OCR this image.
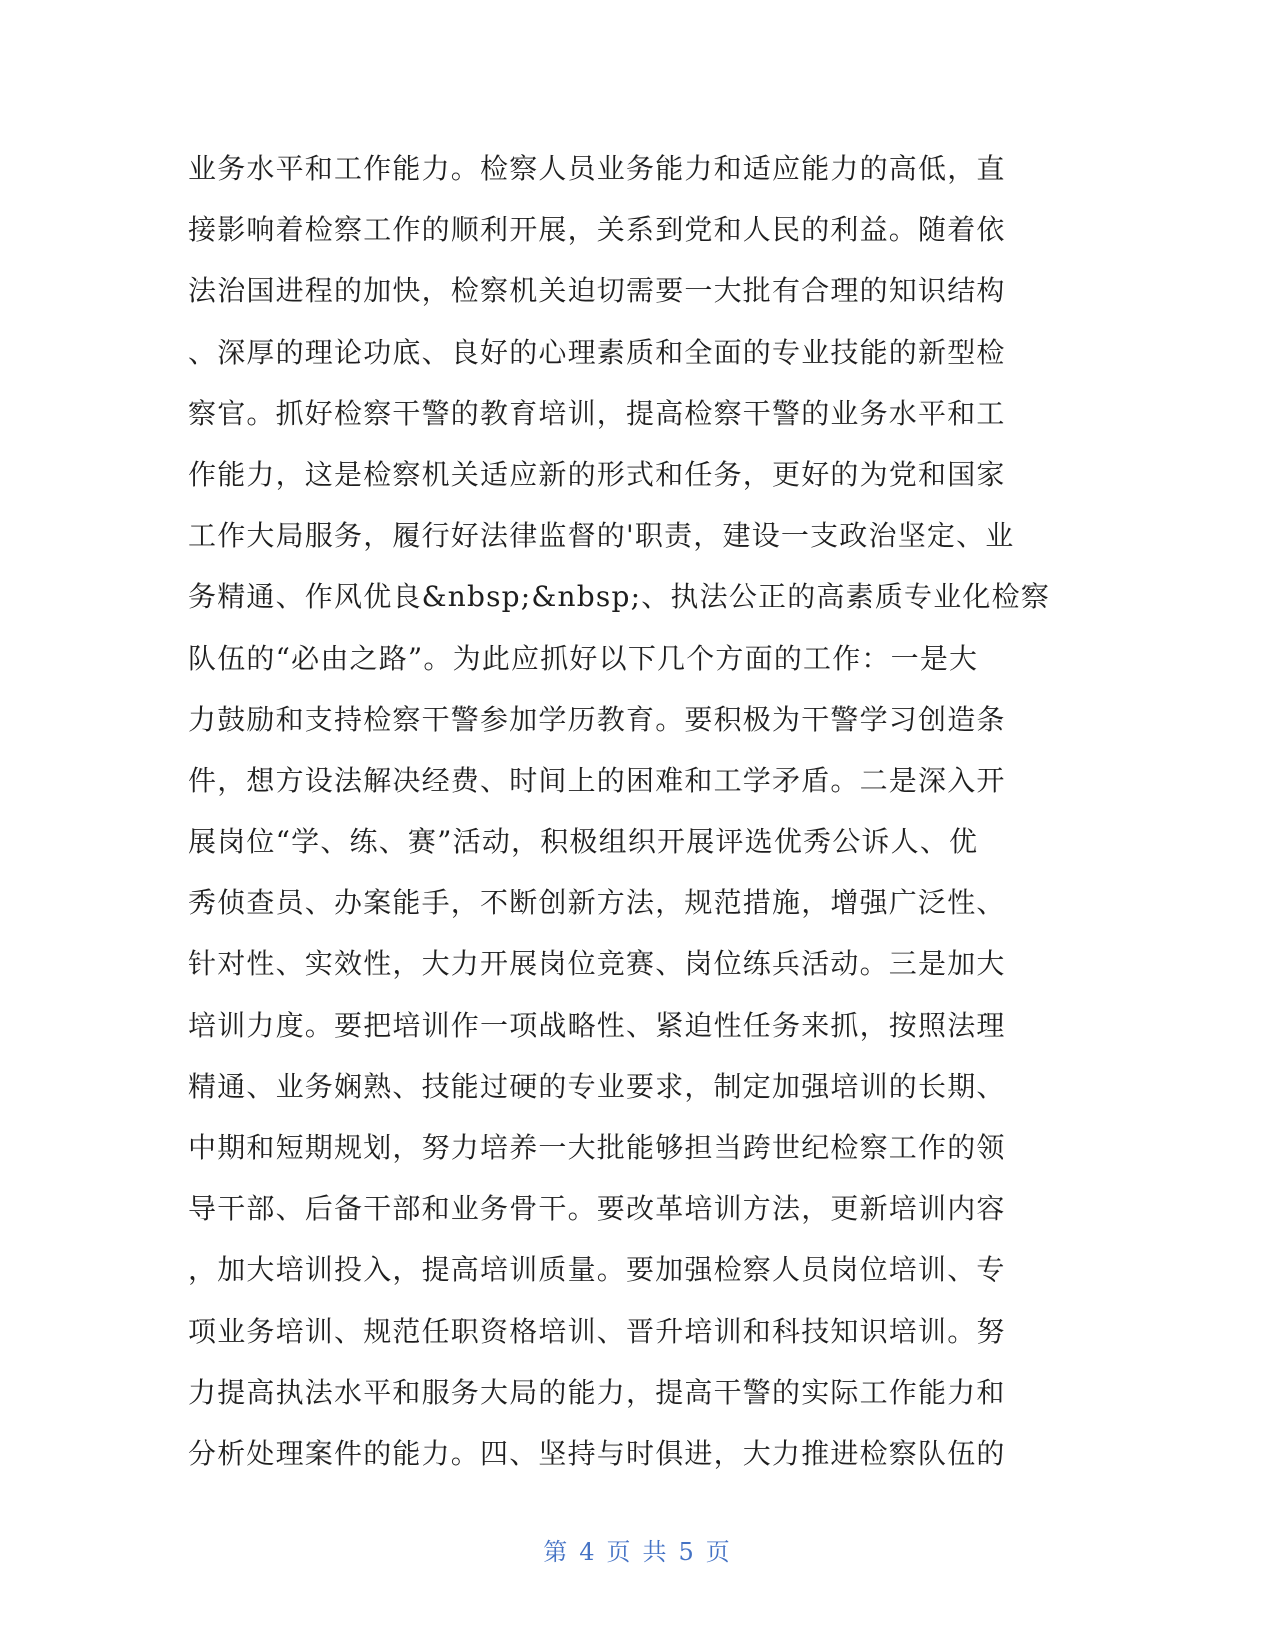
业务水平和工作能力。检察人员业务能力和适应能力的高低，直
接影响着检察工作的顺利开展，关系到党和人民的利益。随着依
法治国进程的加快，检察机关迫切需要一大批有合理的知识结构
、深厚的理论功底、良好的心理素质和全面的专业技能的新型检
察官。抓好检察干警的教育培训，提高检察干警的业务水平和工
作能力，这是检察机关适应新的形式和任务，更好的为党和国家
工作大局服务，履行好法律监督的'职责，建设一支政治坚定、业
务精通、作风优良&nbsp;&nbsp;、执法公正的高素质专业化检察
队伍的“必由之路”。为此应抓好以下几个方面的工作：一是大
力鼓励和支持检察干警参加学历教育。要积极为干警学习创造条
件，想方设法解决经费、时间上的困难和工学矛盾。二是深入开
展岗位“学、练、赛”活动，积极组织开展评选优秀公诉人、优
秀侦查员、办案能手，不断创新方法，规范措施，增强广泛性、
针对性、实效性，大力开展岗位竞赛、岗位练兵活动。三是加大
培训力度。要把培训作一项战略性、紧迫性任务来抓，按照法理
精通、业务娴熟、技能过硬的专业要求，制定加强培训的长期、
中期和短期规划，努力培养一大批能够担当跨世纪检察工作的领
导干部、后备干部和业务骨干。要改革培训方法，更新培训内容
，加大培训投入，提高培训质量。要加强检察人员岗位培训、专
项业务培训、规范任职资格培训、晋升培训和科技知识培训。努
力提高执法水平和服务大局的能力，提高干警的实际工作能力和
分析处理案件的能力。四、坚持与时俱进，大力推进检察队伍的
第 4 页 共 5 页
